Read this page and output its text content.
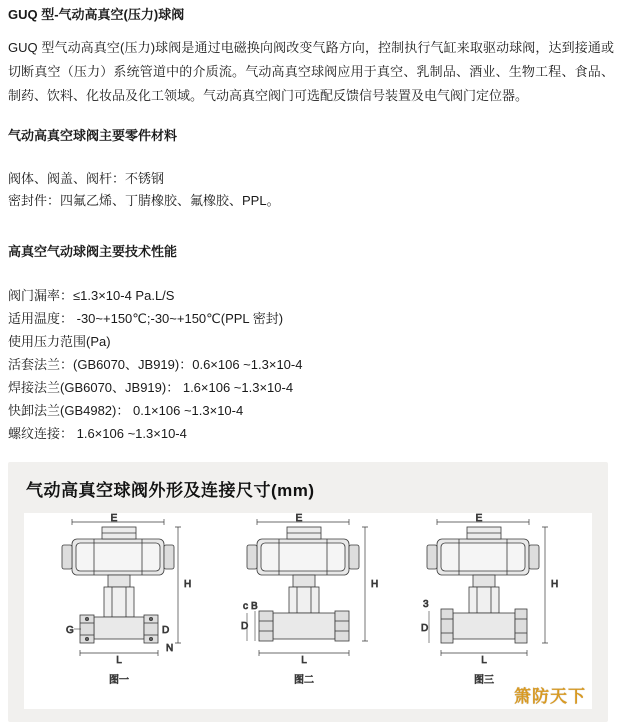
GUQ 型-气动高真空(压力)球阀
GUQ 型气动高真空(压力)球阀是通过电磁换向阀改变气路方向，控制执行气缸来取驱动球阀，达到接通或切断真空（压力）系统管道中的介质流。气动高真空球阀应用于真空、乳制品、酒业、生物工程、食品、制药、饮料、化妆品及化工领域。气动高真空阀门可选配反馈信号装置及电气阀门定位器。
气动高真空球阀主要零件材料
阀体、阀盖、阀杆：不锈钢
密封件：四氟乙烯、丁腈橡胶、氟橡胶、PPL。
高真空气动球阀主要技术性能
阀门漏率：≤1.3×10-4 Pa.L/S
适用温度： -30~+150℃;-30~+150℃(PPL 密封)
使用压力范围(Pa)
活套法兰：(GB6070、JB919)：0.6×106 ~1.3×10-4
焊接法兰(GB6070、JB919)： 1.6×106 ~1.3×10-4
快卸法兰(GB4982)： 0.1×106 ~1.3×10-4
螺纹连接： 1.6×106 ~1.3×10-4
气动高真空球阀外形及连接尺寸(mm)
E
H
G	D
N
L
图一
E
c B
D
H
L
图二
E
3
D
H
L
图三
箫防天下
